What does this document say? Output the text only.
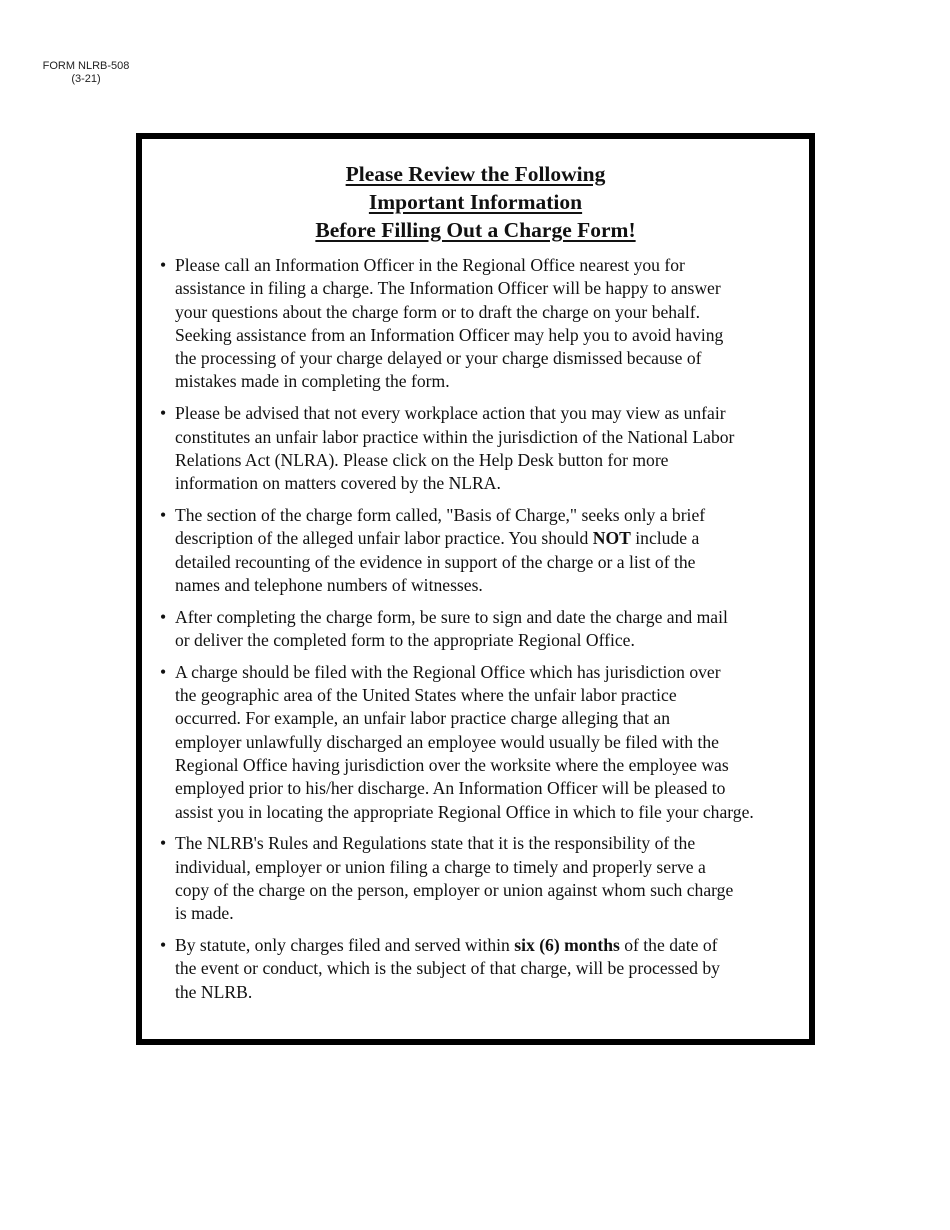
FORM NLRB-508
(3-21)
Please Review the Following
Important Information
Before Filling Out a Charge Form!
• Please call an Information Officer in the Regional Office nearest you for
assistance in filing a charge. The Information Officer will be happy to answer
your questions about the charge form or to draft the charge on your behalf.
Seeking assistance from an Information Officer may help you to avoid having
the processing of your charge delayed or your charge dismissed because of
mistakes made in completing the form.
• Please be advised that not every workplace action that you may view as unfair
constitutes an unfair labor practice within the jurisdiction of the National Labor
Relations Act (NLRA). Please click on the Help Desk button for more
information on matters covered by the NLRA.
• The section of the charge form called, "Basis of Charge," seeks only a brief
description of the alleged unfair labor practice. You should NOT include a
detailed recounting of the evidence in support of the charge or a list of the
names and telephone numbers of witnesses.
• After completing the charge form, be sure to sign and date the charge and mail
or deliver the completed form to the appropriate Regional Office.
• A charge should be filed with the Regional Office which has jurisdiction over
the geographic area of the United States where the unfair labor practice
occurred. For example, an unfair labor practice charge alleging that an
employer unlawfully discharged an employee would usually be filed with the
Regional Office having jurisdiction over the worksite where the employee was
employed prior to his/her discharge. An Information Officer will be pleased to
assist you in locating the appropriate Regional Office in which to file your charge.
• The NLRB's Rules and Regulations state that it is the responsibility of the
individual, employer or union filing a charge to timely and properly serve a
copy of the charge on the person, employer or union against whom such charge
is made.
• By statute, only charges filed and served within six (6) months of the date of
the event or conduct, which is the subject of that charge, will be processed by
the NLRB.
